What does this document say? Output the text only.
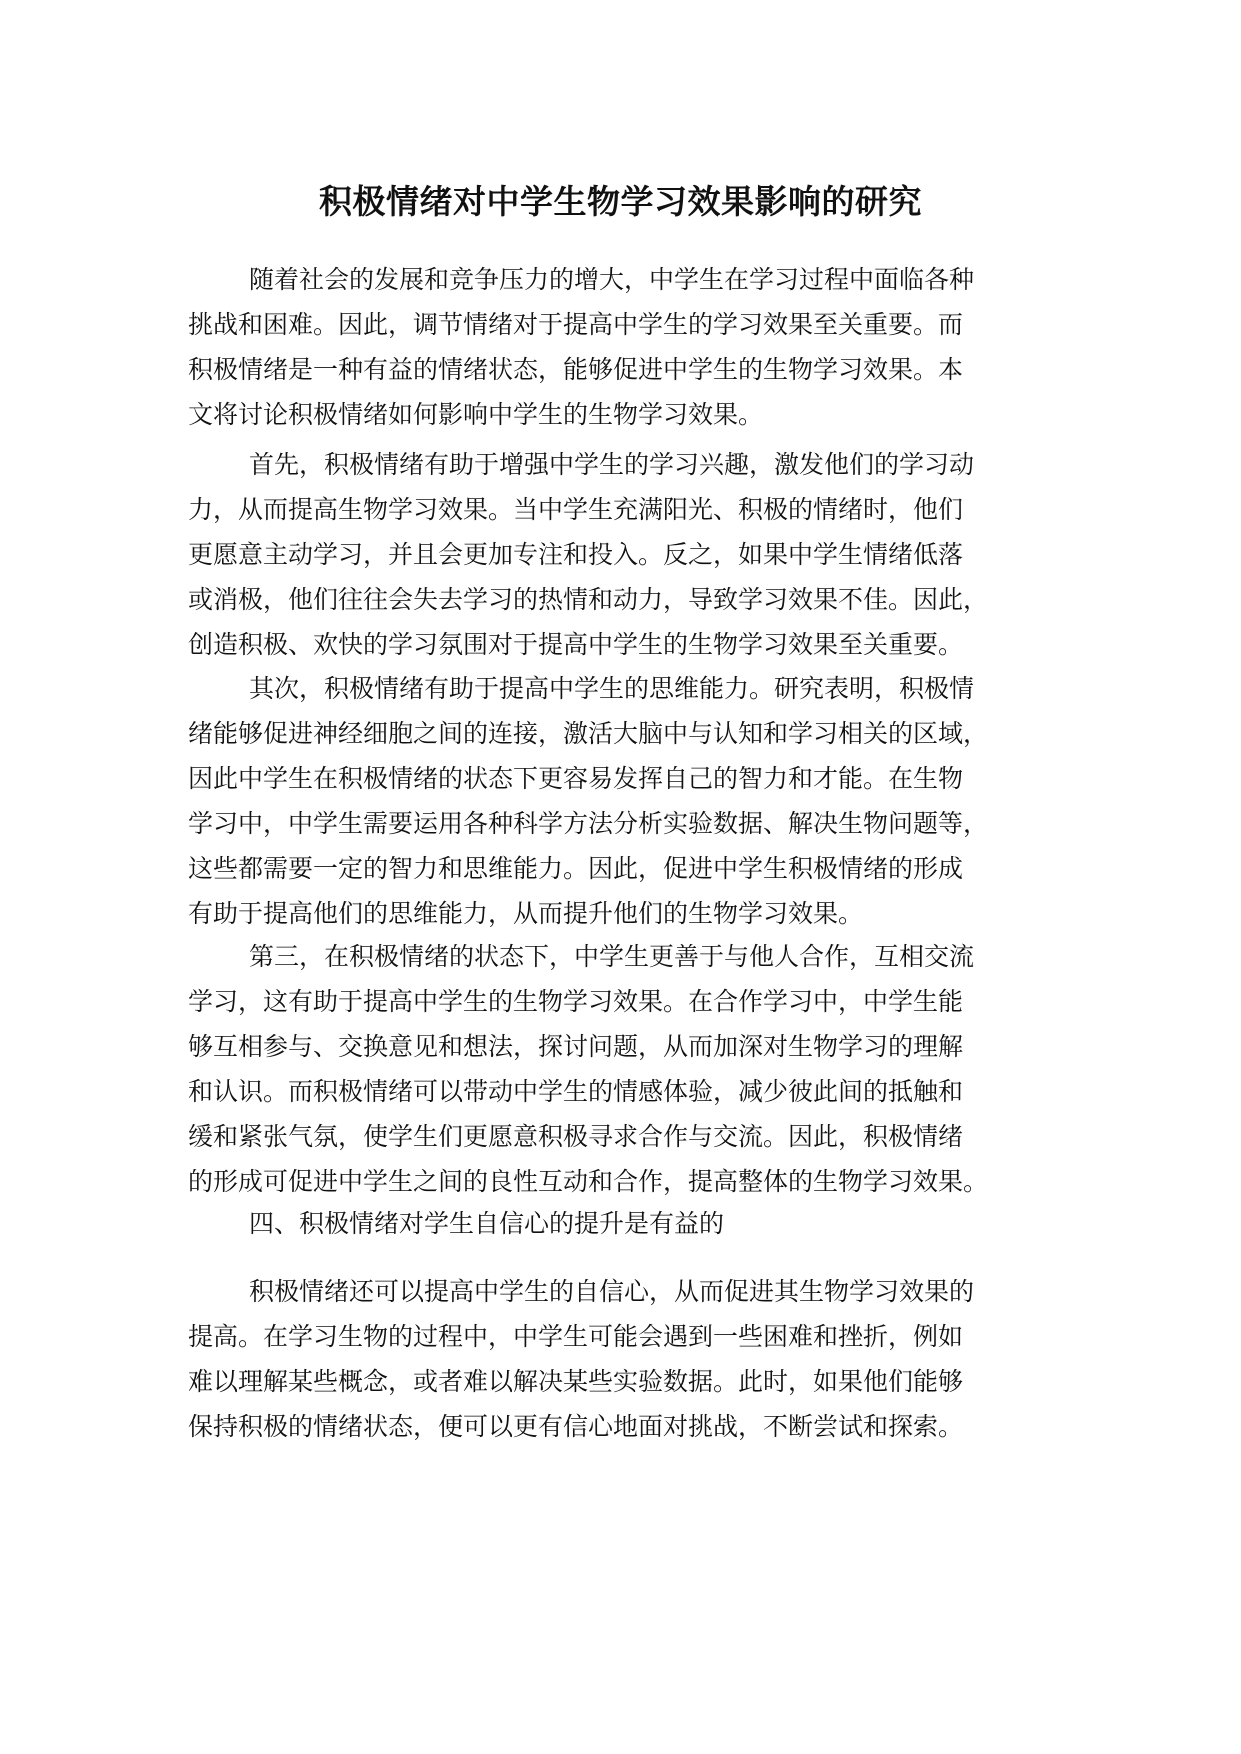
积极情绪对中学生物学习效果影响的研究

随着社会的发展和竞争压力的增大，中学生在学习过程中面临各种
挑战和困难。因此，调节情绪对于提高中学生的学习效果至关重要。而
积极情绪是一种有益的情绪状态，能够促进中学生的生物学习效果。本
文将讨论积极情绪如何影响中学生的生物学习效果。

首先，积极情绪有助于增强中学生的学习兴趣，激发他们的学习动
力，从而提高生物学习效果。当中学生充满阳光、积极的情绪时，他们
更愿意主动学习，并且会更加专注和投入。反之，如果中学生情绪低落
或消极，他们往往会失去学习的热情和动力，导致学习效果不佳。因此，
创造积极、欢快的学习氛围对于提高中学生的生物学习效果至关重要。

其次，积极情绪有助于提高中学生的思维能力。研究表明，积极情
绪能够促进神经细胞之间的连接，激活大脑中与认知和学习相关的区域，
因此中学生在积极情绪的状态下更容易发挥自己的智力和才能。在生物
学习中，中学生需要运用各种科学方法分析实验数据、解决生物问题等，
这些都需要一定的智力和思维能力。因此，促进中学生积极情绪的形成
有助于提高他们的思维能力，从而提升他们的生物学习效果。

第三，在积极情绪的状态下，中学生更善于与他人合作，互相交流
学习，这有助于提高中学生的生物学习效果。在合作学习中，中学生能
够互相参与、交换意见和想法，探讨问题，从而加深对生物学习的理解
和认识。而积极情绪可以带动中学生的情感体验，减少彼此间的抵触和
缓和紧张气氛，使学生们更愿意积极寻求合作与交流。因此，积极情绪
的形成可促进中学生之间的良性互动和合作，提高整体的生物学习效果。

四、积极情绪对学生自信心的提升是有益的

积极情绪还可以提高中学生的自信心，从而促进其生物学习效果的
提高。在学习生物的过程中，中学生可能会遇到一些困难和挫折，例如
难以理解某些概念，或者难以解决某些实验数据。此时，如果他们能够
保持积极的情绪状态，便可以更有信心地面对挑战，不断尝试和探索。
